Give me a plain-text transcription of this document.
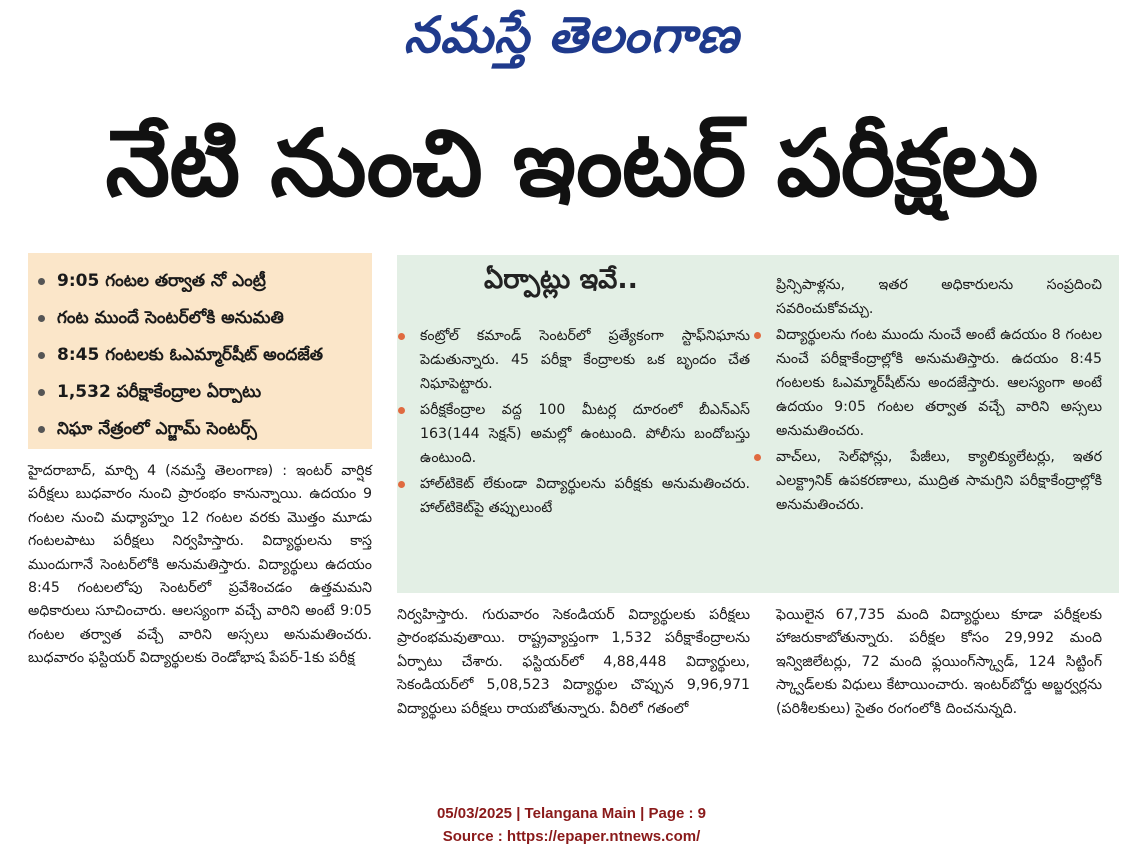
నమస్తే తెలంగాణ
నేటి నుంచి ఇంటర్ పరీక్షలు
9:05 గంటల తర్వాత నో ఎంట్రీ
గంట ముందే సెంటర్‌లోకి అనుమతి
8:45 గంటలకు ఓఎమ్మార్‌షీట్ అందజేత
1,532 పరీక్షాకేంద్రాల ఏర్పాటు
నిఘా నేత్రంలో ఎగ్జామ్ సెంటర్స్

హైదరాబాద్, మార్చి 4 (నమస్తే తెలంగాణ) : ఇంటర్ వార్షిక పరీక్షలు బుధవారం నుంచి ప్రారంభం కానున్నాయి. ఉదయం 9 గంటల నుంచి మధ్యాహ్నం 12 గంటల వరకు మొత్తం మూడు గంటలపాటు పరీక్షలు నిర్వహిస్తారు. విద్యార్థులను కాస్త ముందుగానే సెంటర్‌లోకి అనుమతిస్తారు. విద్యార్థులు ఉదయం 8:45 గంటలలోపు సెంటర్‌లో ప్రవేశించడం ఉత్తమమని అధికారులు సూచించారు. ఆలస్యంగా వచ్చే వారిని అంటే 9:05 గంటల తర్వాత వచ్చే వారిని అస్సలు అనుమతించరు. బుధవారం ఫస్టియర్ విద్యార్థులకు రెండోభాష పేపర్-1కు పరీక్ష

ఏర్పాట్లు ఇవే..
కంట్రోల్ కమాండ్ సెంటర్‌లో ప్రత్యేకంగా స్టాఫ్‌నిఘాను పెడుతున్నారు. 45 పరీక్షా కేంద్రాలకు ఒక బృందం చేత నిఘాపెట్టారు.
పరీక్షకేంద్రాల వద్ద 100 మీటర్ల దూరంలో బీఎన్ఎస్ 163(144 సెక్షన్) అమల్లో ఉంటుంది. పోలీసు బందోబస్తు ఉంటుంది.
హాల్‌టికెట్ లేకుండా విద్యార్థులను పరీక్షకు అనుమతించరు. హాల్‌టికెట్‌పై తప్పులుంటే

ప్రిన్సిపాళ్లను, ఇతర అధికారులను సంప్రదించి సవరించుకోవచ్చు.

విద్యార్థులను గంట ముందు నుంచే అంటే ఉదయం 8 గంటల నుంచే పరీక్షాకేంద్రాల్లోకి అనుమతిస్తారు. ఉదయం 8:45 గంటలకు ఓఎమ్మార్‌షీట్‌ను అందజేస్తారు. ఆలస్యంగా అంటే ఉదయం 9:05 గంటల తర్వాత వచ్చే వారిని అస్సలు అనుమతించరు.
వాచ్‌లు, సెల్‌ఫోన్లు, పేజీలు, క్యాలిక్యులేటర్లు, ఇతర ఎలక్ట్రానిక్ ఉపకరణాలు, ముద్రిత సామగ్రిని పరీక్షాకేంద్రాల్లోకి అనుమతించరు.

నిర్వహిస్తారు. గురువారం సెకండియర్ విద్యార్థులకు పరీక్షలు ప్రారంభమవుతాయి. రాష్ట్రవ్యాప్తంగా 1,532 పరీక్షాకేంద్రాలను ఏర్పాటు చేశారు. ఫస్టియర్‌లో 4,88,448 విద్యార్థులు, సెకండియర్‌లో 5,08,523 విద్యార్థుల చొప్పున 9,96,971 విద్యార్థులు పరీక్షలు రాయబోతున్నారు. వీరిలో గతంలో

ఫెయిలైన 67,735 మంది విద్యార్థులు కూడా పరీక్షలకు హాజరుకాబోతున్నారు. పరీక్షల కోసం 29,992 మంది ఇన్విజిలేటర్లు, 72 మంది ఫ్లయింగ్‌స్క్వాడ్, 124 సిట్టింగ్ స్క్వాడ్‌లకు విధులు కేటాయించారు. ఇంటర్‌బోర్డు అబ్జర్వర్లను (పరిశీలకులు) సైతం రంగంలోకి దించనున్నది.

05/03/2025 | Telangana Main | Page : 9
Source : https://epaper.ntnews.com/
